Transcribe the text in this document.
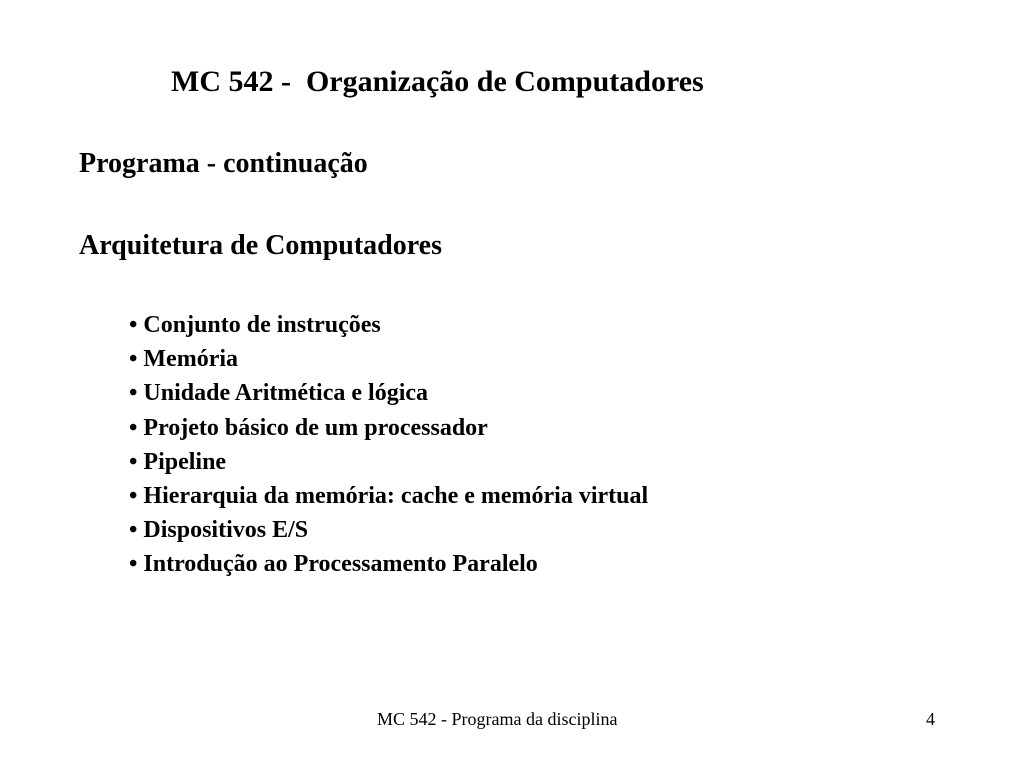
MC 542 -  Organização de Computadores
Programa - continuação
Arquitetura de Computadores
• Conjunto de instruções
• Memória
• Unidade Aritmética e lógica
• Projeto básico de um processador
• Pipeline
• Hierarquia da memória: cache e memória virtual
• Dispositivos E/S
• Introdução ao Processamento Paralelo
MC 542 - Programa da disciplina	4
